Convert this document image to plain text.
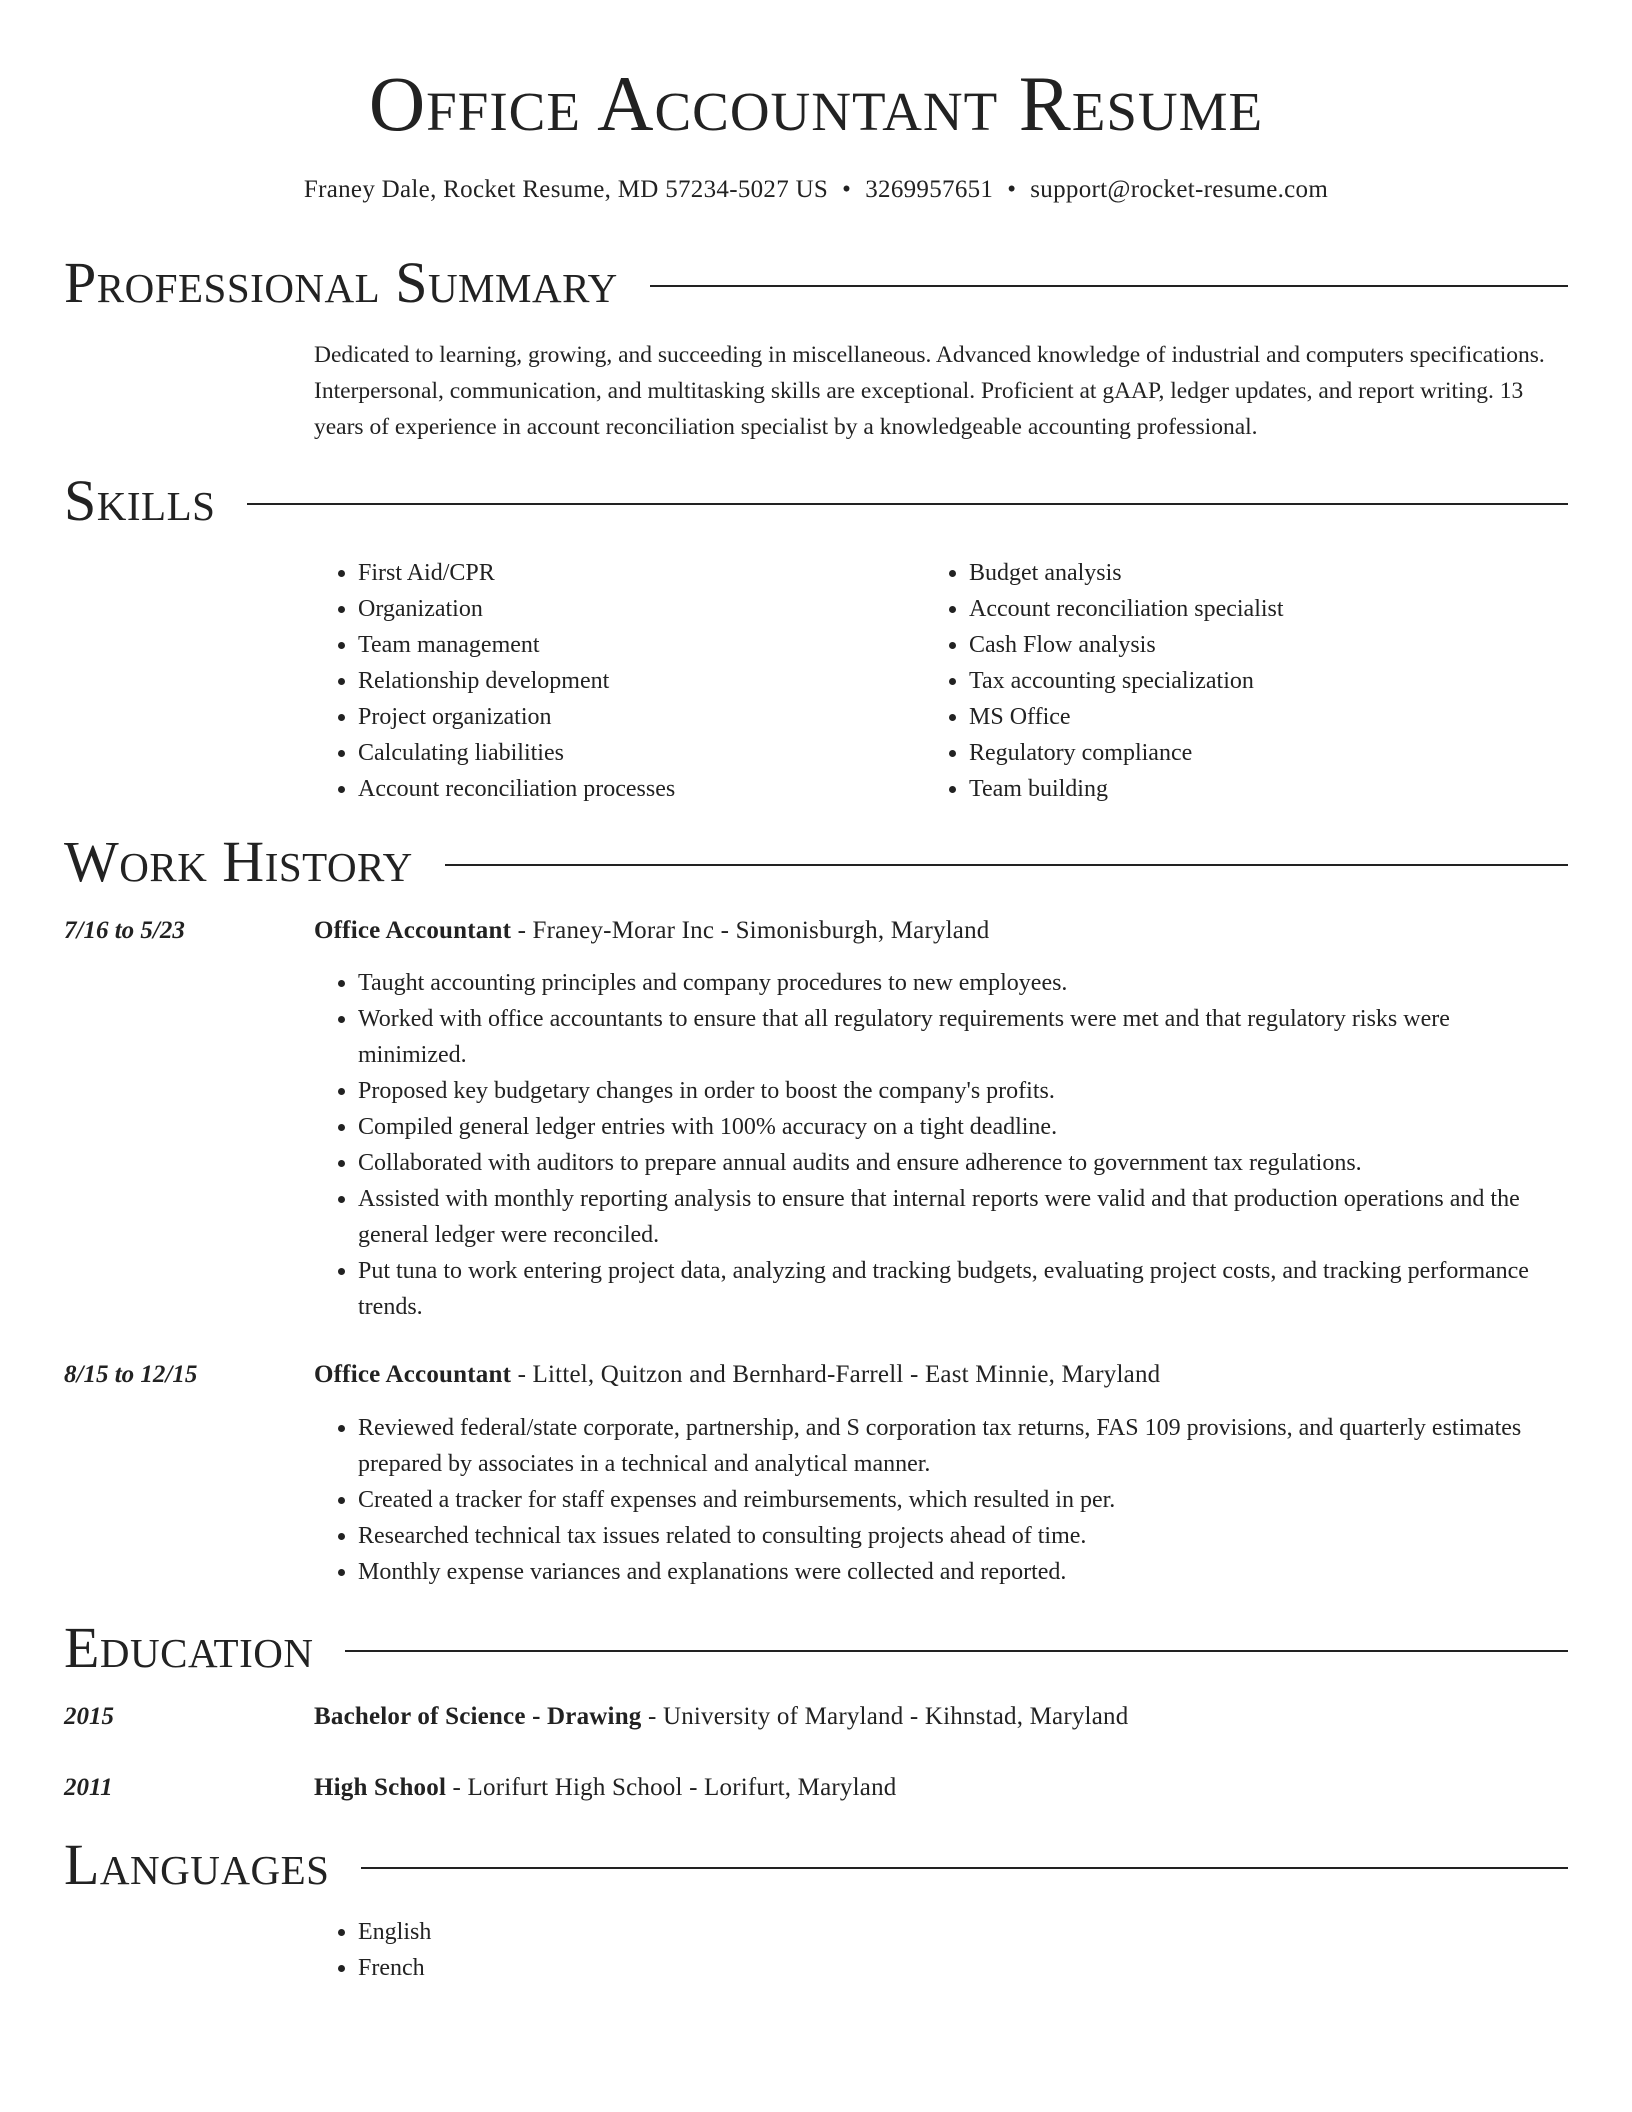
Office Accountant Resume
Franey Dale, Rocket Resume, MD 57234-5027 US • 3269957651 • support@rocket-resume.com
Professional Summary

Dedicated to learning, growing, and succeeding in miscellaneous. Advanced knowledge of industrial and computers specifications. Interpersonal, communication, and multitasking skills are exceptional. Proficient at gAAP, ledger updates, and report writing. 13 years of experience in account reconciliation specialist by a knowledgeable accounting professional.

Skills
• First Aid/CPR
• Organization
• Team management
• Relationship development
• Project organization
• Calculating liabilities
• Account reconciliation processes
• Budget analysis
• Account reconciliation specialist
• Cash Flow analysis
• Tax accounting specialization
• MS Office
• Regulatory compliance
• Team building
Work History
7/16 to 5/23	Office Accountant - Franey-Morar Inc - Simonisburgh, Maryland
• Taught accounting principles and company procedures to new employees.
• Worked with office accountants to ensure that all regulatory requirements were met and that regulatory risks were minimized.
• Proposed key budgetary changes in order to boost the company's profits.
• Compiled general ledger entries with 100% accuracy on a tight deadline.
• Collaborated with auditors to prepare annual audits and ensure adherence to government tax regulations.
• Assisted with monthly reporting analysis to ensure that internal reports were valid and that production operations and the general ledger were reconciled.
• Put tuna to work entering project data, analyzing and tracking budgets, evaluating project costs, and tracking performance trends.
8/15 to 12/15	Office Accountant - Littel, Quitzon and Bernhard-Farrell - East Minnie, Maryland
• Reviewed federal/state corporate, partnership, and S corporation tax returns, FAS 109 provisions, and quarterly estimates prepared by associates in a technical and analytical manner.
• Created a tracker for staff expenses and reimbursements, which resulted in per.
• Researched technical tax issues related to consulting projects ahead of time.
• Monthly expense variances and explanations were collected and reported.
Education
2015	Bachelor of Science - Drawing - University of Maryland - Kihnstad, Maryland
2011	High School - Lorifurt High School - Lorifurt, Maryland
Languages
• English
• French
